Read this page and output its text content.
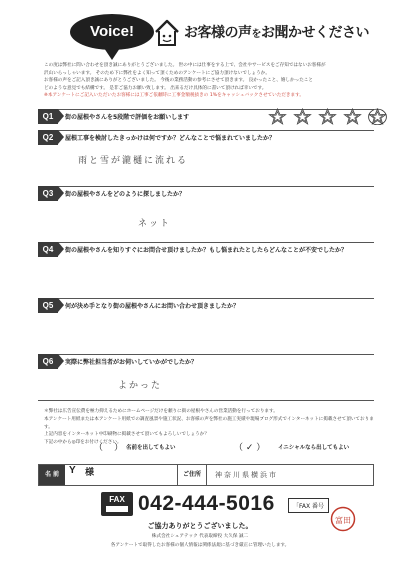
Voice!	お客様の声をお聞かせください
この度は弊社に問い合わせを頂き誠にありがとうございました。 世の中には仕事をする上で、会社やサービスをご存知ではないお客様が
沢山いらっしゃいます。 そのため下に弊社をよく知って頂くためのアンケートにご協力頂けないでしょうか。
お客様の声をご記入頂き誠にありがとうございました。 今後の業務活動の参考にさせて頂きます。 良かったこと、嬉しかったこと
どのような意見でも結構です。 是非ご協力お願い致します。 出来るだけ具体的に書いて頂ければ幸いです。
※本アンケートにご記入いただいたお客様には工事ご依頼時に工事金額税抜きの 1%をキャッシュバックさせていただきます。
Q1	街の屋根やさんを5段階で評価をお願いします
Q2	屋根工事を検討したきっかけは何ですか？どんなことで悩まれていましたか？
雨と雪が瀧樋に流れる
Q3	街の屋根やさんをどのように探しましたか？
ネット
Q4	街の屋根やさんを知りすぐにお問合せ頂けましたか？もし悩まれたとしたらどんなことが不安でしたか？
Q5	何が決め手となり街の屋根やさんにお問い合わせ頂きましたか？
Q6	実際に弊社担当者がお伺いしていかがでしたか？
よかった
＊弊社は広告宣伝費を極力抑えるためにホームページだけを頼りに街の屋根やさんの営業活動を行っております。
本アンケート用紙または本アンケート用紙での調査風景や施工状況、お客様の声を弊社の施工実績や現場ブログ形式でインターネットに掲載させて頂いております。
上記内容をインターネット中印刷物に掲載させて頂いてもよろしいでしょうか？
下記の中から◎印をお付けください。
（ ） 名前を出してもよい	（ ✓ ） イニシャルなら出してもよい
名 前 Y 様	ご住所	神奈川県横浜市
FAX 042-444-5016	「FAX 番号
ご協力ありがとうございました。
株式会社シェアテック 代表取締役 大久保 誠二
各アンケートで取得したお客様の個人情報は関係法規に基づき厳正に管理いたします。
富田
